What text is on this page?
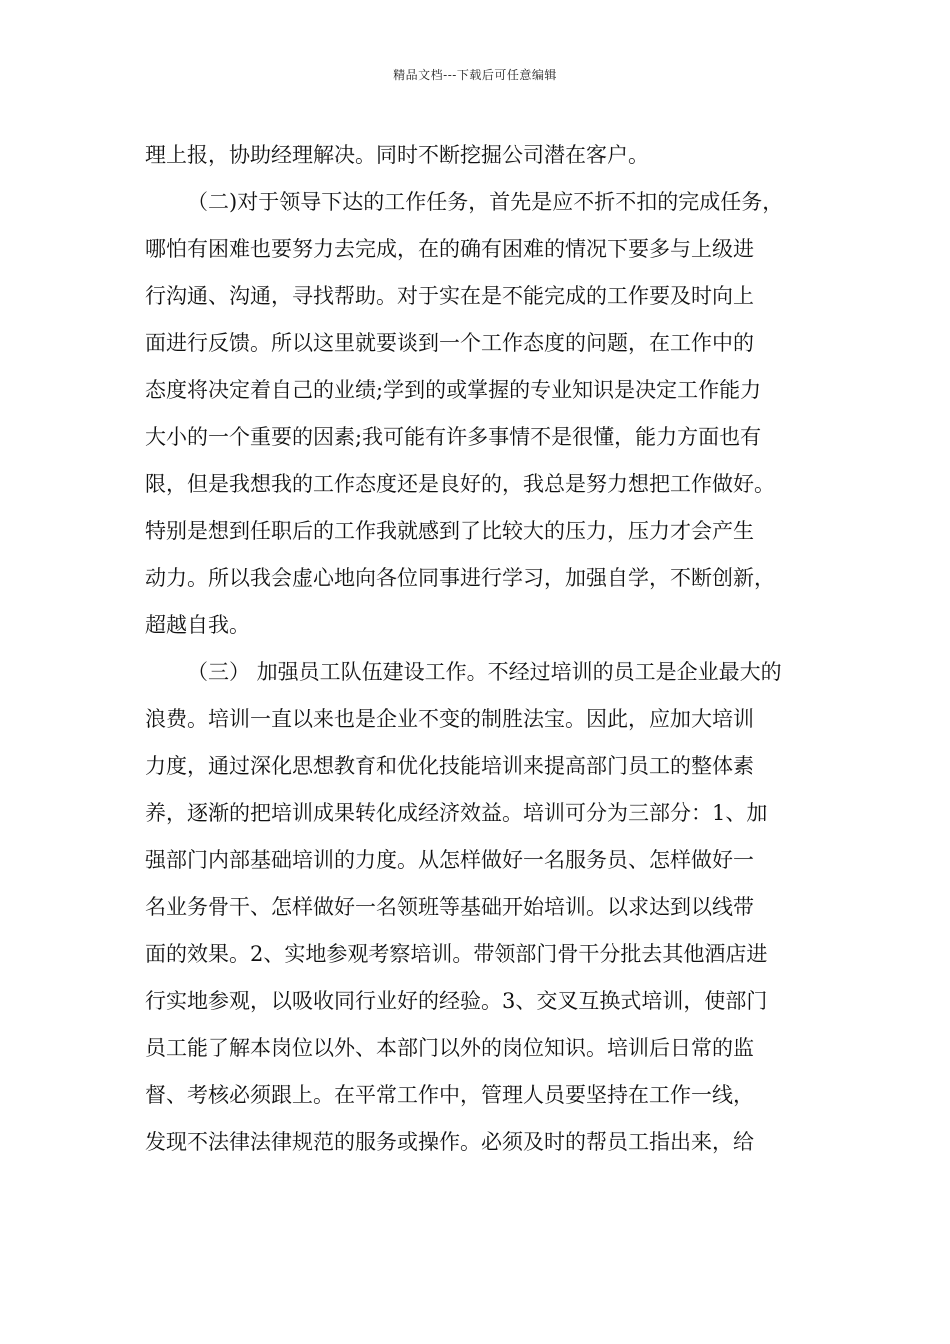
精品文档---下载后可任意编辑
理上报，协助经理解决。同时不断挖掘公司潜在客户。
（二)对于领导下达的工作任务，首先是应不折不扣的完成任务，
哪怕有困难也要努力去完成，在的确有困难的情况下要多与上级进
行沟通、沟通，寻找帮助。对于实在是不能完成的工作要及时向上
面进行反馈。所以这里就要谈到一个工作态度的问题，在工作中的
态度将决定着自己的业绩;学到的或掌握的专业知识是决定工作能力
大小的一个重要的因素;我可能有许多事情不是很懂，能力方面也有
限，但是我想我的工作态度还是良好的，我总是努力想把工作做好。
特别是想到任职后的工作我就感到了比较大的压力，压力才会产生
动力。所以我会虚心地向各位同事进行学习，加强自学，不断创新，
超越自我。
（三） 加强员工队伍建设工作。不经过培训的员工是企业最大的
浪费。培训一直以来也是企业不变的制胜法宝。因此，应加大培训
力度，通过深化思想教育和优化技能培训来提高部门员工的整体素
养，逐渐的把培训成果转化成经济效益。培训可分为三部分：1、加
强部门内部基础培训的力度。从怎样做好一名服务员、怎样做好一
名业务骨干、怎样做好一名领班等基础开始培训。以求达到以线带
面的效果。2、实地参观考察培训。带领部门骨干分批去其他酒店进
行实地参观，以吸收同行业好的经验。3、交叉互换式培训，使部门
员工能了解本岗位以外、本部门以外的岗位知识。培训后日常的监
督、考核必须跟上。在平常工作中，管理人员要坚持在工作一线，
发现不法律法律规范的服务或操作。必须及时的帮员工指出来，给
